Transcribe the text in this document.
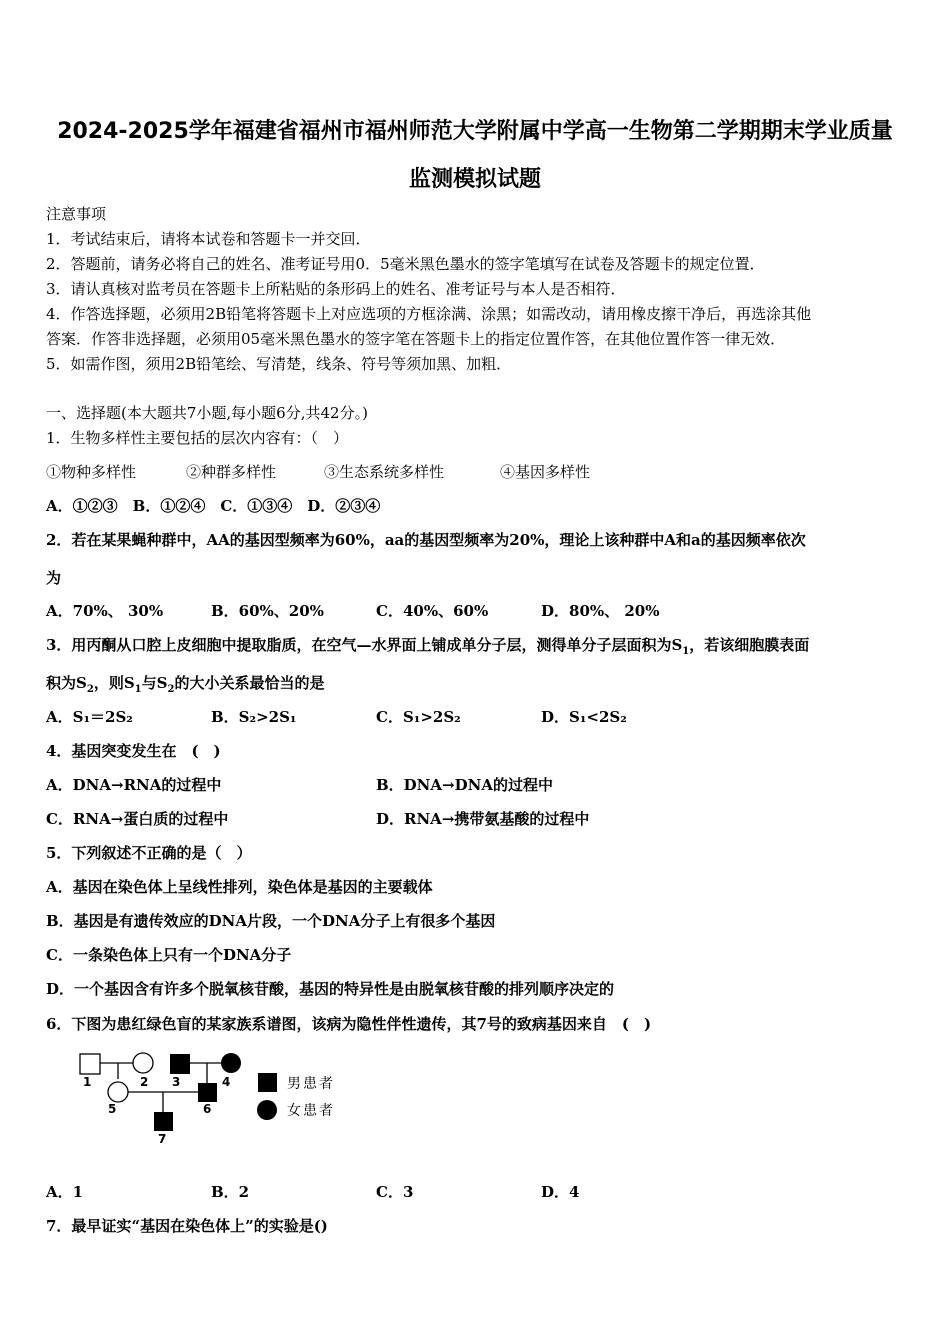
2024-2025学年福建省福州市福州师范大学附属中学高一生物第二学期期末学业质量
监测模拟试题
注意事项
1．考试结束后，请将本试卷和答题卡一并交回．
2．答题前，请务必将自己的姓名、准考证号用0．5毫米黑色墨水的签字笔填写在试卷及答题卡的规定位置．
3．请认真核对监考员在答题卡上所粘贴的条形码上的姓名、准考证号与本人是否相符．
4．作答选择题，必须用2B铅笔将答题卡上对应选项的方框涂满、涂黑；如需改动，请用橡皮擦干净后，再选涂其他
答案．作答非选择题，必须用05毫米黑色墨水的签字笔在答题卡上的指定位置作答，在其他位置作答一律无效．
5．如需作图，须用2B铅笔绘、写清楚，线条、符号等须加黑、加粗．
一、选择题(本大题共7小题,每小题6分,共42分。)
1．生物多样性主要包括的层次内容有：（　）
①物种多样性	②种群多样性	③生态系统多样性	④基因多样性
A．①②③　B．①②④　C．①③④　D．②③④
2．若在某果蝇种群中，AA的基因型频率为60%，aa的基因型频率为20%，理论上该种群中A和a的基因频率依次
为
A．70%、 30%	B．60%、20%	C．40%、60%	D．80%、 20%
3．用丙酮从口腔上皮细胞中提取脂质，在空气—水界面上铺成单分子层，测得单分子层面积为$S_1$，若该细胞膜表面
积为$S_2$，则$S_1$与$S_2$的大小关系最恰当的是
A．S₁＝2S₂	B．S₂>2S₁	C．S₁>2S₂	D．S₁<2S₂
4．基因突变发生在　(　)
A．DNA→RNA的过程中	B．DNA→DNA的过程中
C．RNA→蛋白质的过程中	D．RNA→携带氨基酸的过程中
5．下列叙述不正确的是（　）
A．基因在染色体上呈线性排列，染色体是基因的主要载体
B．基因是有遗传效应的DNA片段，一个DNA分子上有很多个基因
C．一条染色体上只有一个DNA分子
D．一个基因含有许多个脱氧核苷酸，基因的特异性是由脱氧核苷酸的排列顺序决定的
6．下图为患红绿色盲的某家族系谱图，该病为隐性伴性遗传，其7号的致病基因来自　(　)
1	2 3	4
5	6
7
男患者
女患者
A．1	B．2	C．3	D．4
7．最早证实“基因在染色体上”的实验是()
